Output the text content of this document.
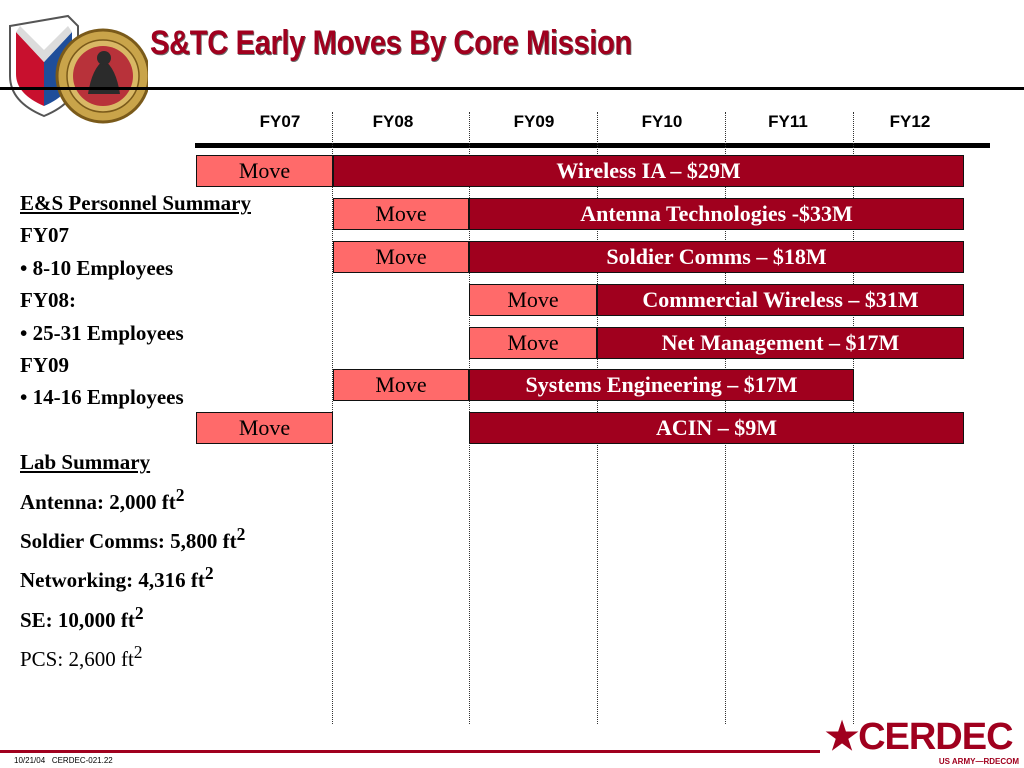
S&TC Early Moves By Core Mission
FY07	FY08	FY09	FY10	FY11	FY12
Move	Wireless IA – $29M
Move	Antenna Technologies -$33M
Move	Soldier Comms – $18M
Move	Commercial Wireless – $31M
Move	Net Management – $17M
Move	Systems Engineering – $17M
Move	ACIN – $9M
E&S Personnel Summary
FY07
• 8-10 Employees
FY08:
• 25-31 Employees
FY09
• 14-16 Employees

Lab Summary
Antenna: 2,000 $ft^2$
Soldier Comms: 5,800 $ft^2$
Networking: 4,316 $ft^2$
SE: 10,000 $ft^2$
PCS: 2,600 $ft^2$
10/21/04 CERDEC-021.22
★CERDEC
US ARMY—RDECOM
